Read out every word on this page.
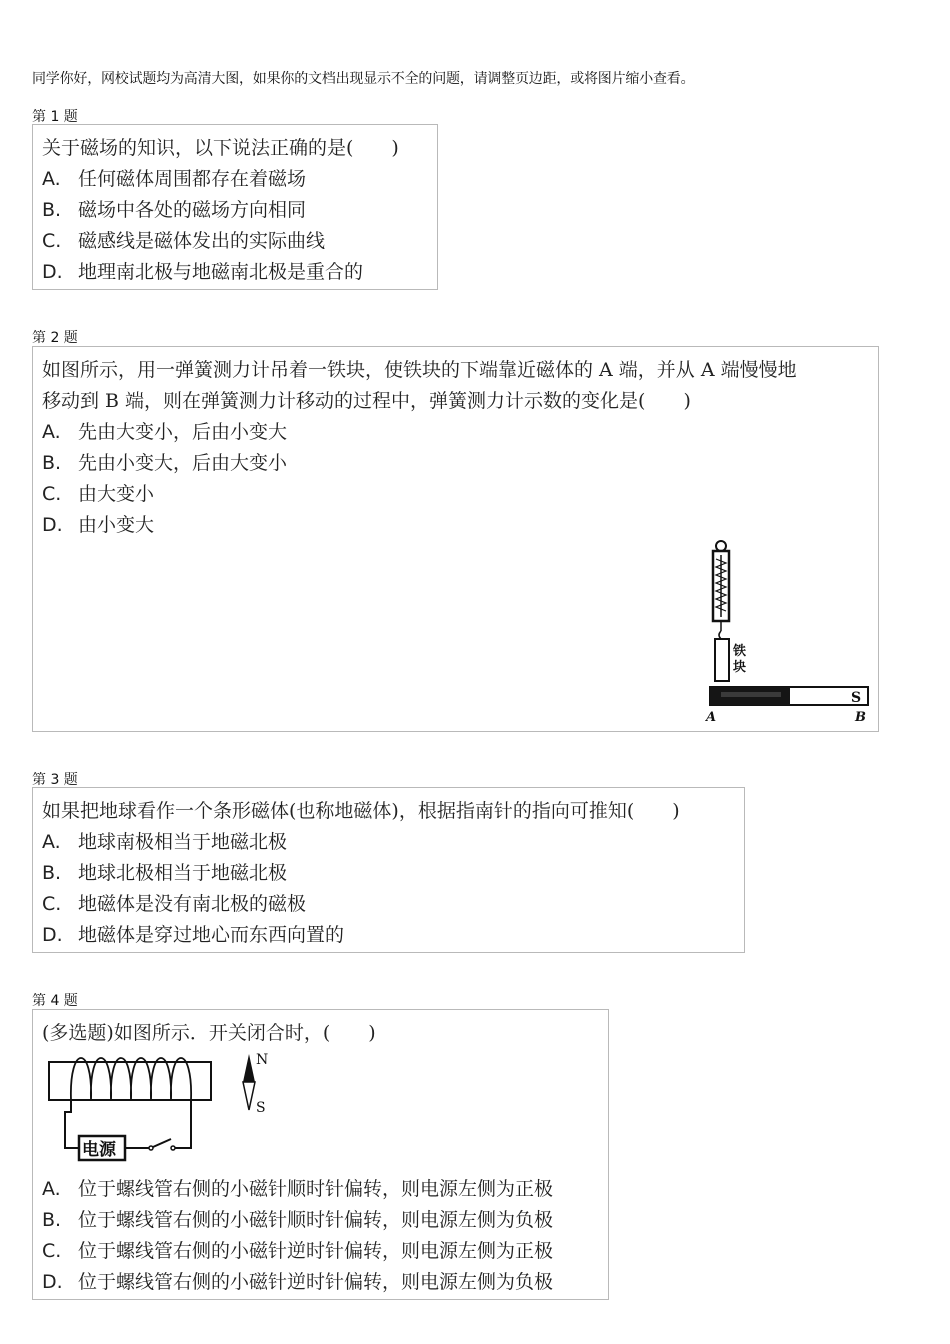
同学你好，网校试题均为高清大图，如果你的文档出现显示不全的问题，请调整页边距，或将图片缩小查看。
第 1 题
关于磁场的知识，以下说法正确的是(　　)
A. 任何磁体周围都存在着磁场
B. 磁场中各处的磁场方向相同
C. 磁感线是磁体发出的实际曲线
D. 地理南北极与地磁南北极是重合的
第 2 题
如图所示，用一弹簧测力计吊着一铁块，使铁块的下端靠近磁体的 A 端，并从 A 端慢慢地
移动到 B 端，则在弹簧测力计移动的过程中，弹簧测力计示数的变化是(　　)
A. 先由大变小，后由小变大
B. 先由小变大，后由大变小
C. 由大变小
D. 由小变大
铁
块
S
A	B
第 3 题
如果把地球看作一个条形磁体(也称地磁体)，根据指南针的指向可推知(　　)
A. 地球南极相当于地磁北极
B. 地球北极相当于地磁北极
C. 地磁体是没有南北极的磁极
D. 地磁体是穿过地心而东西向置的
第 4 题
(多选题)如图所示．开关闭合时，(　　)
电源
N
S
A. 位于螺线管右侧的小磁针顺时针偏转，则电源左侧为正极
B. 位于螺线管右侧的小磁针顺时针偏转，则电源左侧为负极
C. 位于螺线管右侧的小磁针逆时针偏转，则电源左侧为正极
D. 位于螺线管右侧的小磁针逆时针偏转，则电源左侧为负极
